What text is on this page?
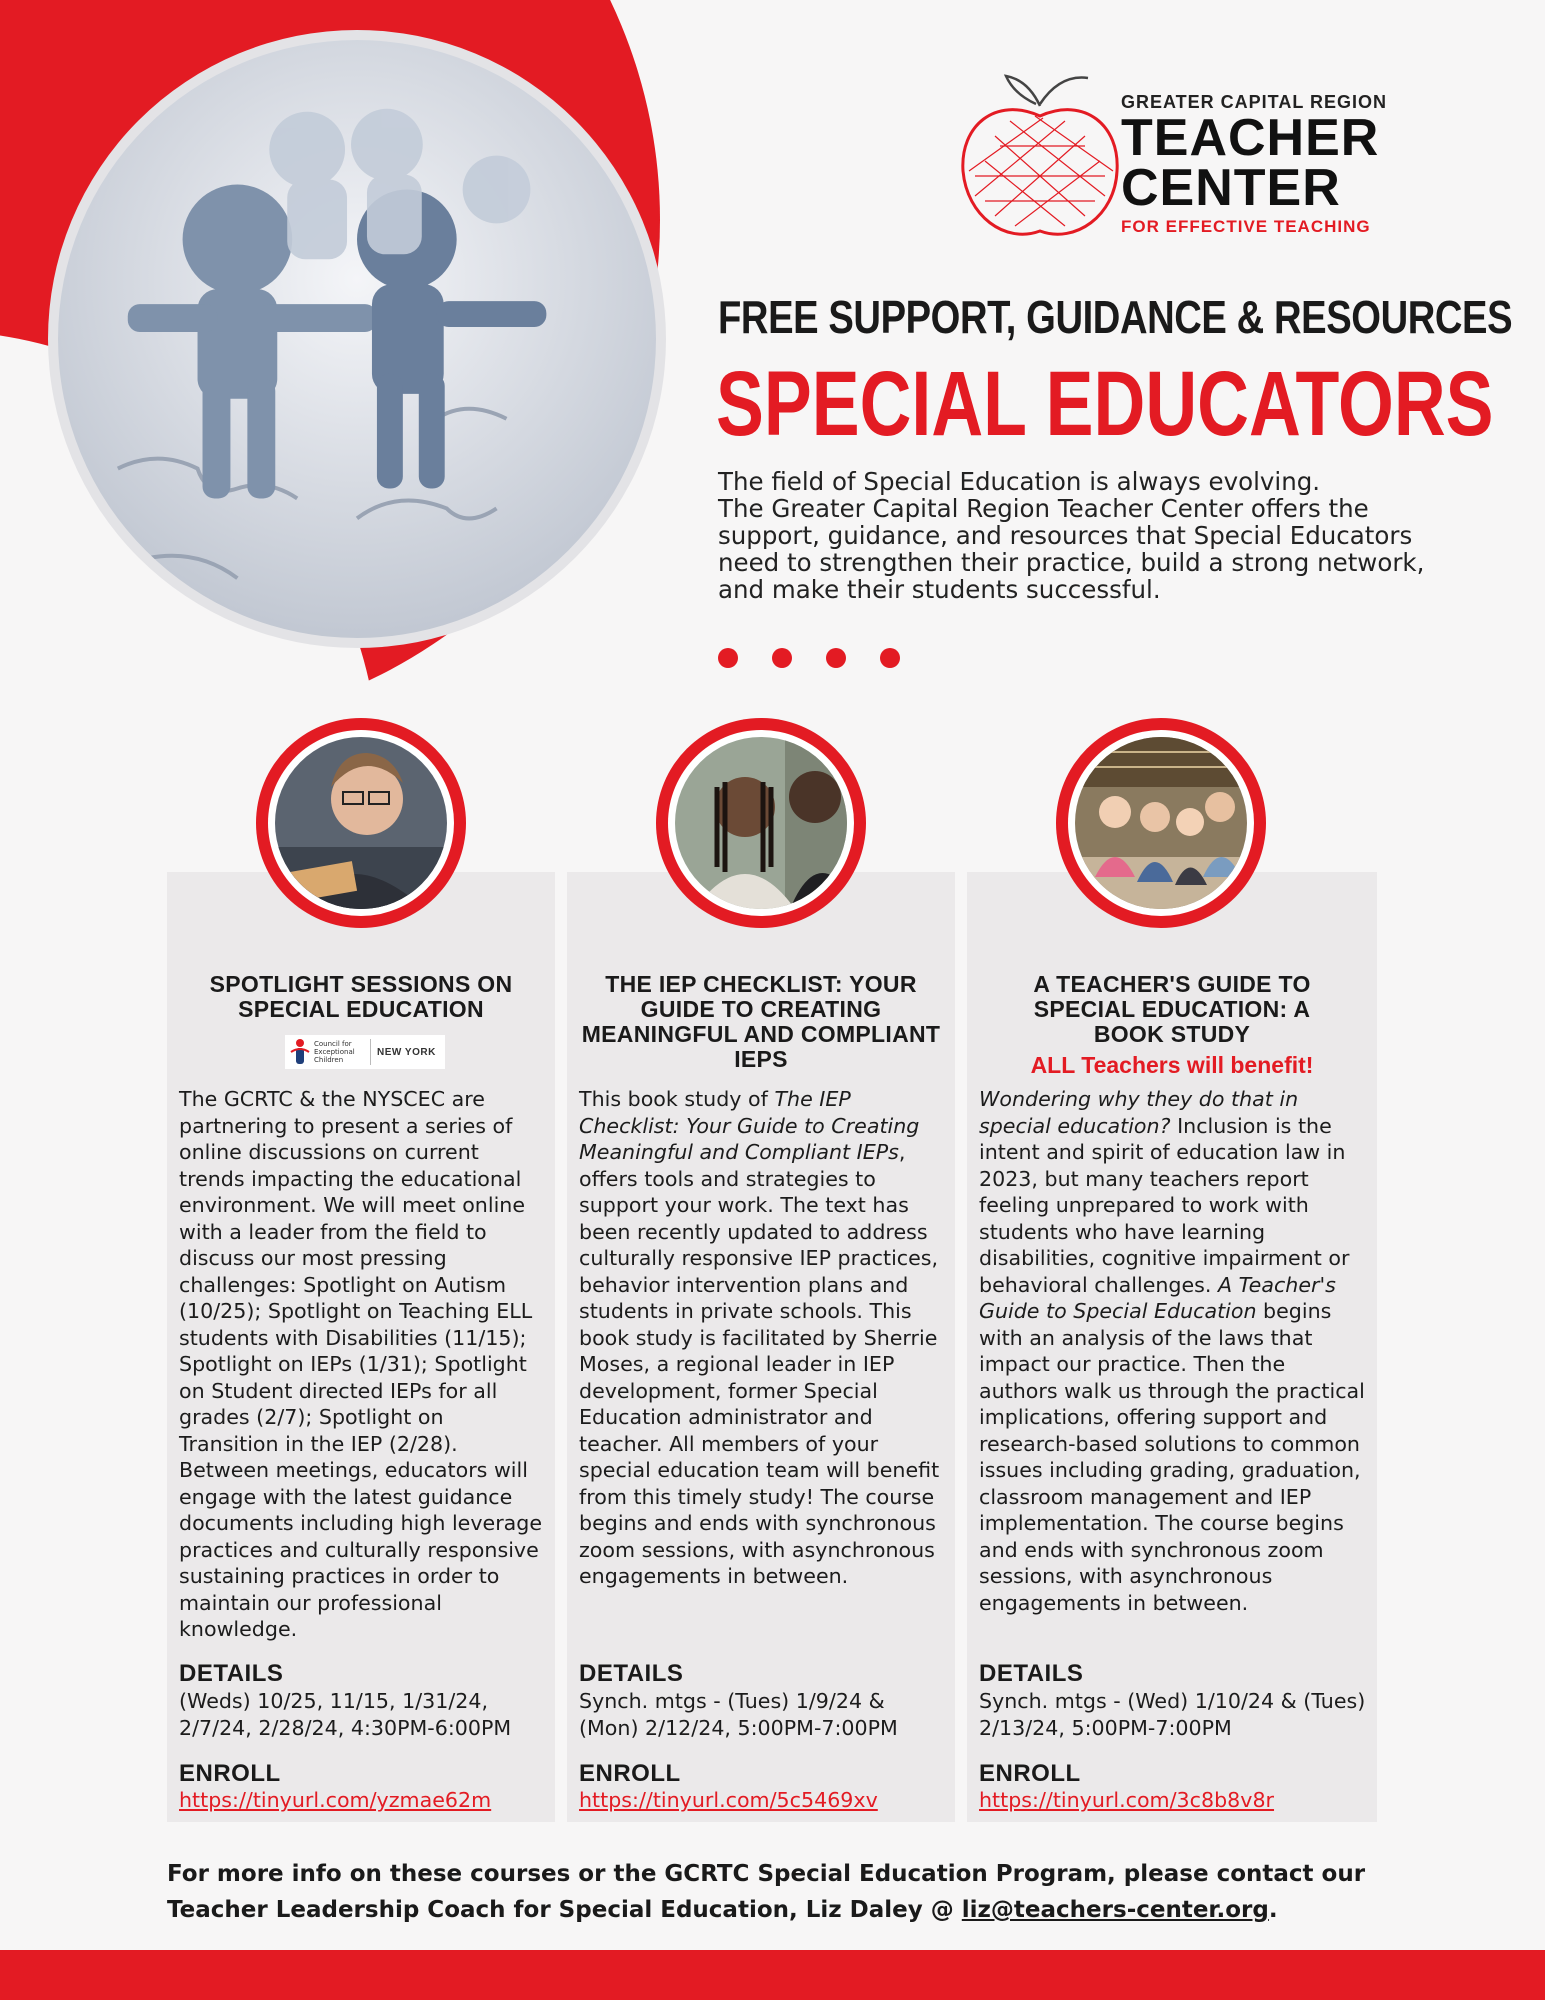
GREATER CAPITAL REGION
TEACHER
CENTER
FOR EFFECTIVE TEACHING
FREE SUPPORT, GUIDANCE & RESOURCES
SPECIAL EDUCATORS
The field of Special Education is always evolving.
The Greater Capital Region Teacher Center offers the support, guidance, and resources that Special Educators need to strengthen their practice, build a strong network, and make their students successful.
SPOTLIGHT SESSIONS ON SPECIAL EDUCATION
Council for Exceptional Children
NEW YORK
The GCRTC & the NYSCEC are partnering to present a series of online discussions on current trends impacting the educational environment. We will meet online with a leader from the field to discuss our most pressing challenges: Spotlight on Autism (10/25); Spotlight on Teaching ELL students with Disabilities (11/15); Spotlight on IEPs (1/31); Spotlight on Student directed IEPs for all grades (2/7); Spotlight on Transition in the IEP (2/28). Between meetings, educators will engage with the latest guidance documents including high leverage practices and culturally responsive sustaining practices in order to maintain our professional knowledge.
DETAILS
(Weds) 10/25, 11/15, 1/31/24, 2/7/24, 2/28/24, 4:30PM-6:00PM
ENROLL
https://tinyurl.com/yzmae62m
THE IEP CHECKLIST: YOUR GUIDE TO CREATING MEANINGFUL AND COMPLIANT IEPS
This book study of The IEP Checklist: Your Guide to Creating Meaningful and Compliant IEPs, offers tools and strategies to support your work. The text has been recently updated to address culturally responsive IEP practices, behavior intervention plans and students in private schools. This book study is facilitated by Sherrie Moses, a regional leader in IEP development, former Special Education administrator and teacher. All members of your special education team will benefit from this timely study! The course begins and ends with synchronous zoom sessions, with asynchronous engagements in between.
DETAILS
Synch. mtgs - (Tues) 1/9/24 & (Mon) 2/12/24, 5:00PM-7:00PM
ENROLL
https://tinyurl.com/5c5469xv
A TEACHER'S GUIDE TO SPECIAL EDUCATION: A BOOK STUDY
ALL Teachers will benefit!
Wondering why they do that in special education? Inclusion is the intent and spirit of education law in 2023, but many teachers report feeling unprepared to work with students who have learning disabilities, cognitive impairment or behavioral challenges. A Teacher's Guide to Special Education begins with an analysis of the laws that impact our practice. Then the authors walk us through the practical implications, offering support and research-based solutions to common issues including grading, graduation, classroom management and IEP implementation. The course begins and ends with synchronous zoom sessions, with asynchronous engagements in between.
DETAILS
Synch. mtgs - (Wed) 1/10/24 & (Tues) 2/13/24, 5:00PM-7:00PM
ENROLL
https://tinyurl.com/3c8b8v8r
For more info on these courses or the GCRTC Special Education Program, please contact our Teacher Leadership Coach for Special Education, Liz Daley @ liz@teachers-center.org.
